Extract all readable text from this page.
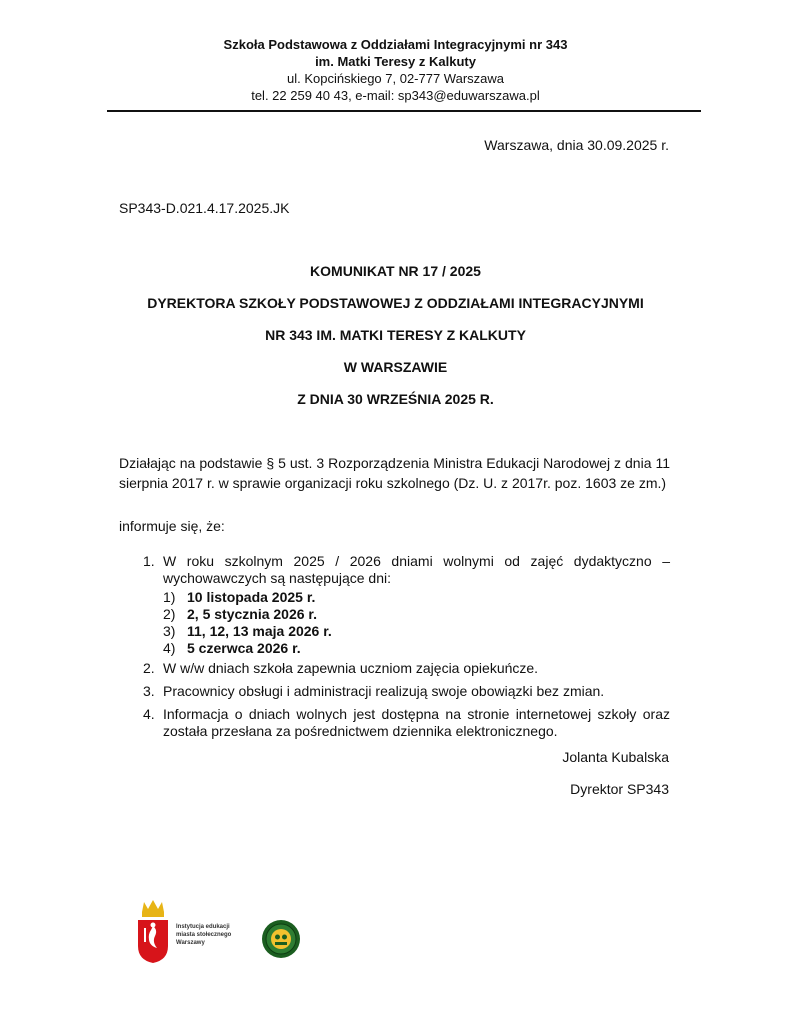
Szkoła Podstawowa z Oddziałami Integracyjnymi nr 343
im. Matki Teresy z Kalkuty
ul. Kopcińskiego 7, 02-777 Warszawa
tel. 22 259 40 43, e-mail: sp343@eduwarszawa.pl
Warszawa, dnia 30.09.2025 r.
SP343-D.021.4.17.2025.JK
KOMUNIKAT NR 17 / 2025
DYREKTORA SZKOŁY PODSTAWOWEJ Z ODDZIAŁAMI INTEGRACYJNYMI
NR 343 IM. MATKI TERESY Z KALKUTY
W WARSZAWIE
Z DNIA 30 WRZEŚNIA 2025 R.
Działając na podstawie § 5 ust. 3 Rozporządzenia Ministra Edukacji Narodowej z dnia 11 sierpnia 2017 r. w sprawie organizacji roku szkolnego (Dz. U. z 2017r. poz. 1603 ze zm.)
informuje się, że:
1. W roku szkolnym 2025 / 2026 dniami wolnymi od zajęć dydaktyczno – wychowawczych są następujące dni:
1) 10 listopada 2025 r.
2) 2, 5 stycznia 2026 r.
3) 11, 12, 13 maja 2026 r.
4) 5 czerwca 2026 r.
2. W w/w dniach szkoła zapewnia uczniom zajęcia opiekuńcze.
3. Pracownicy obsługi i administracji realizują swoje obowiązki bez zmian.
4. Informacja o dniach wolnych jest dostępna na stronie internetowej szkoły oraz została przesłana za pośrednictwem dziennika elektronicznego.
Jolanta Kubalska
Dyrektor SP343
Instytucja edukacji
miasta stołecznego
Warszawy
